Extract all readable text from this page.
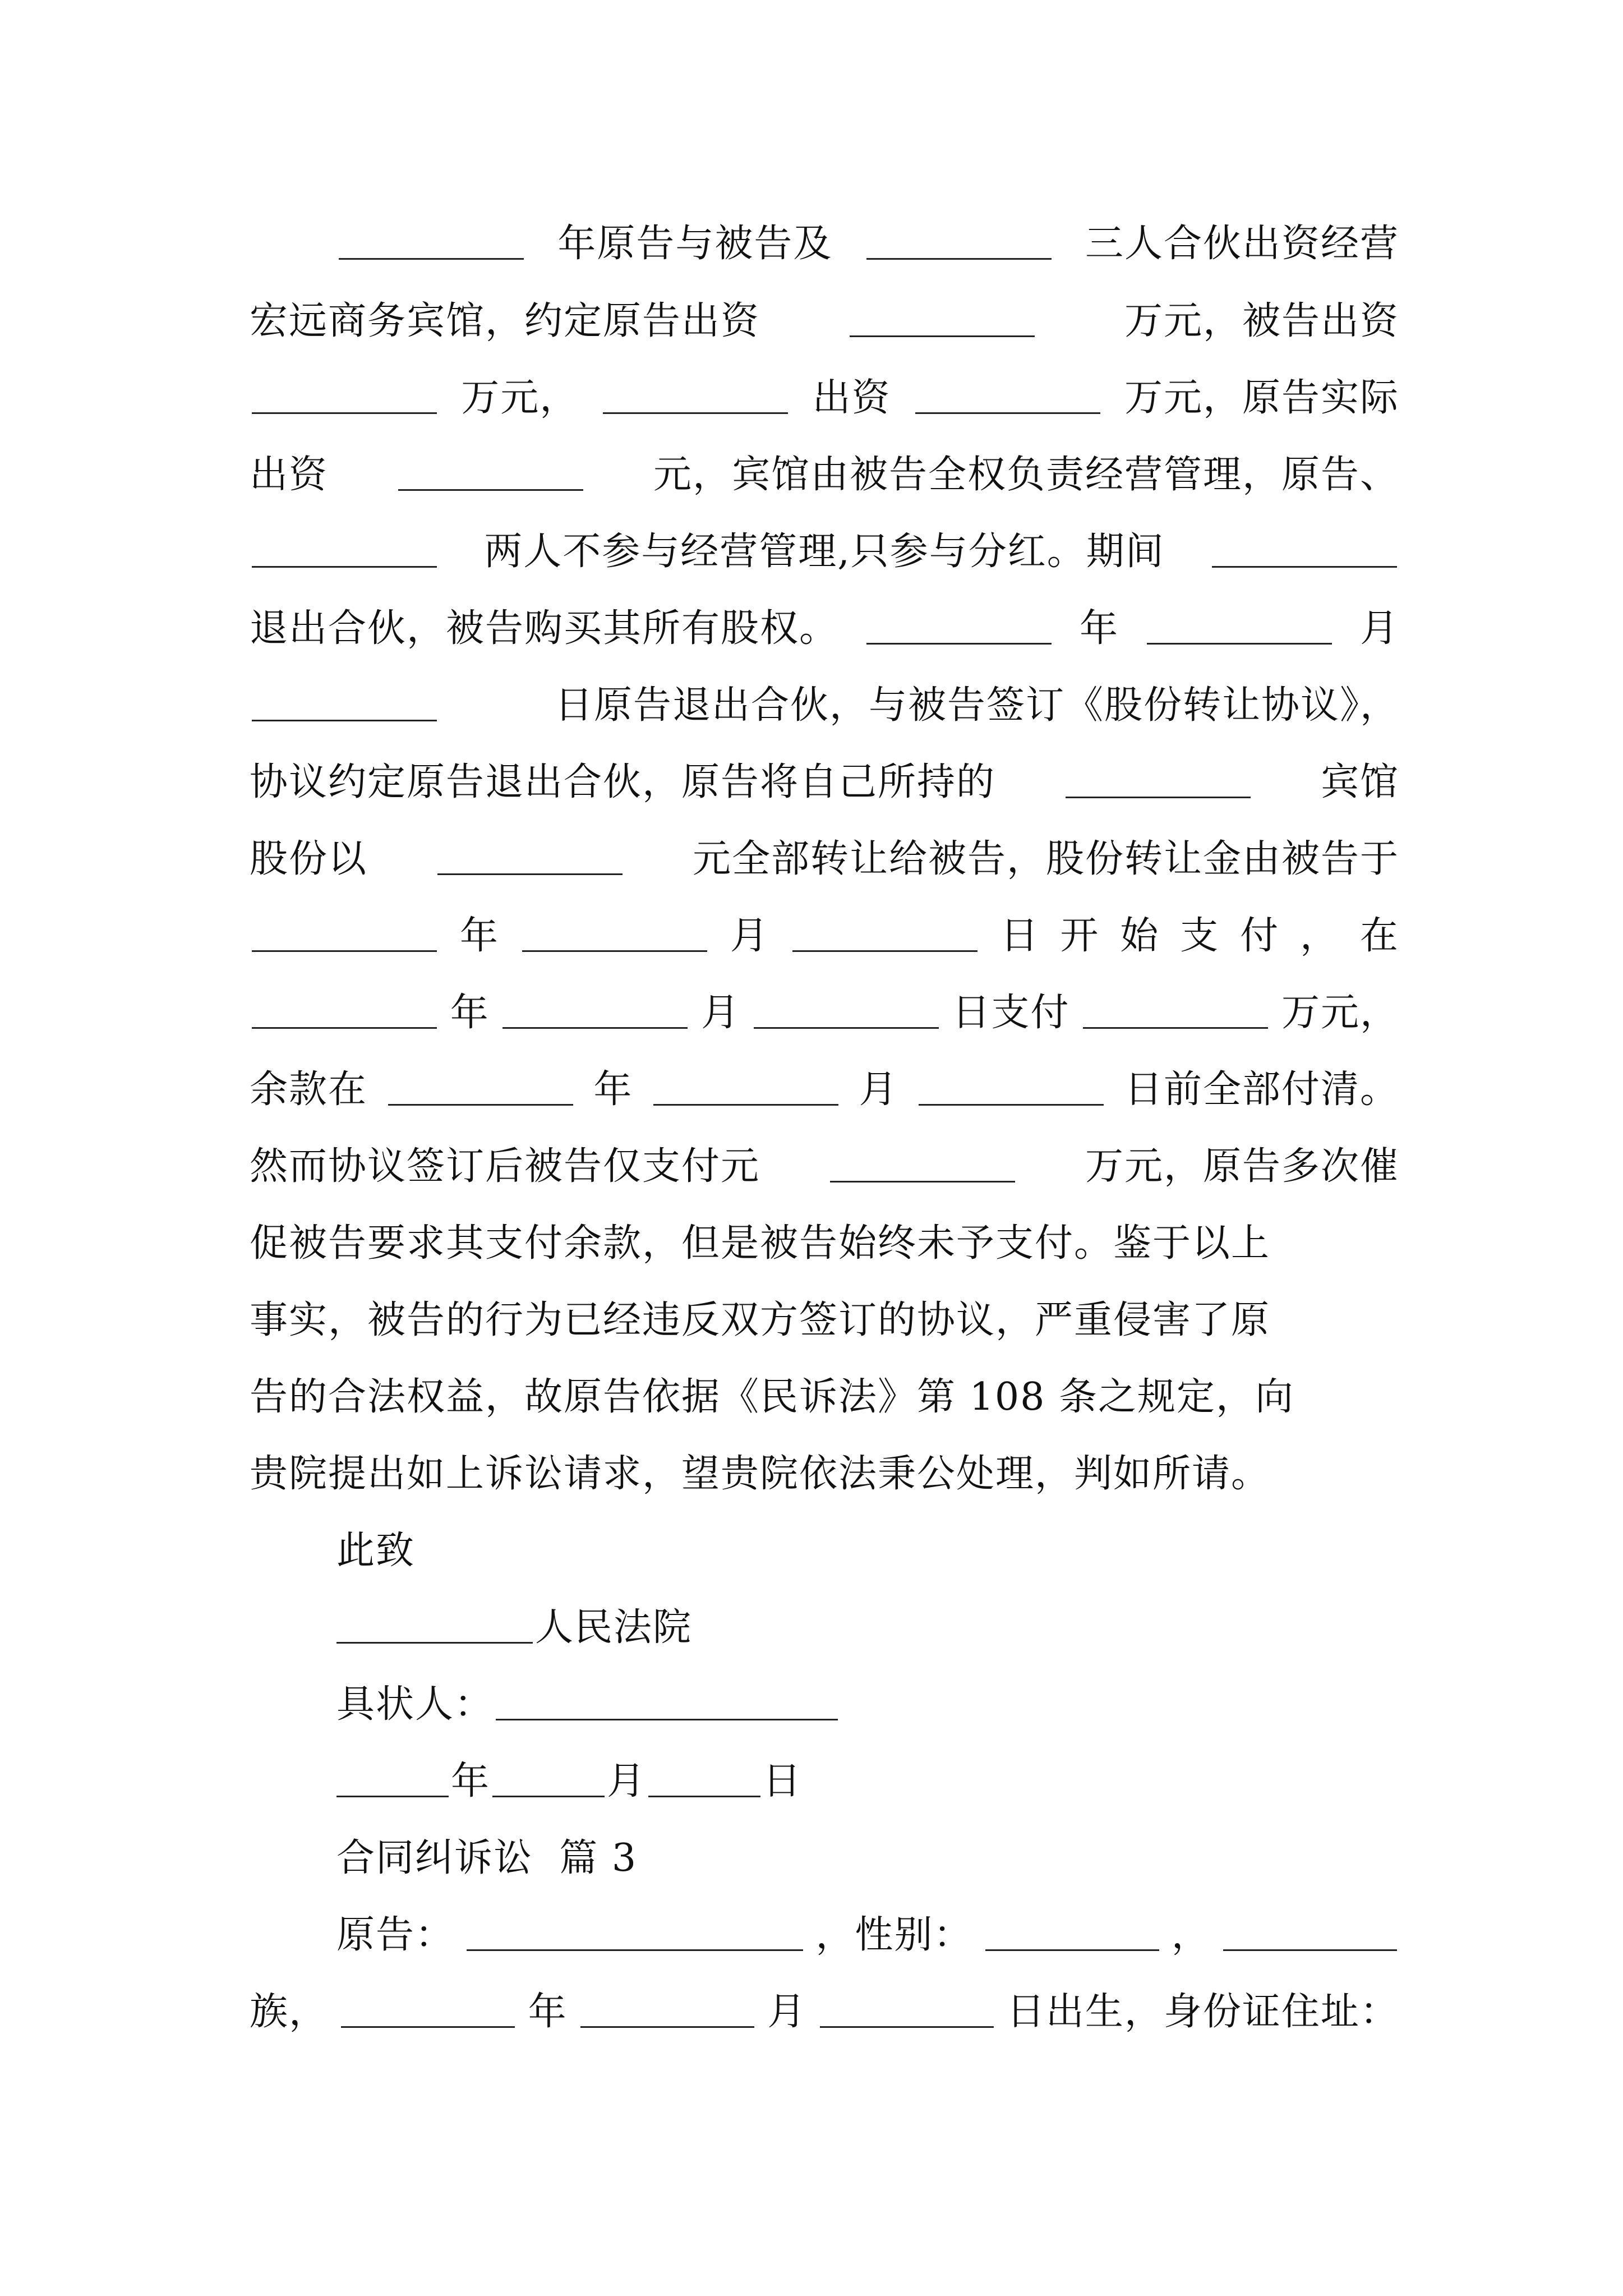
年原告与被告及	三人合伙出资经营
宏远商务宾馆，约定原告出资	万元，被告出资
万元，	出资	万元，原告实际
出资	元，宾馆由被告全权负责经营管理，原告、
两人不参与经营管理,只参与分红。期间
退出合伙，被告购买其所有股权。	年	月
日原告退出合伙，与被告签订《股份转让协议》，
协议约定原告退出合伙，原告将自己所持的	宾馆
股份以	元全部转让给被告，股份转让金由被告于
年	月	日 开 始 支 付 ， 在
年	月	日支付	万元，
余款在	年	月	日前全部付清。
然而协议签订后被告仅支付元	万元，原告多次催
促被告要求其支付余款，但是被告始终未予支付。鉴于以上
事实，被告的行为已经违反双方签订的协议，严重侵害了原
告的合法权益，故原告依据《民诉法》第 108 条之规定，向
贵院提出如上诉讼请求，望贵院依法秉公处理，判如所请。
此致
人民法院
具状人：
年	月	日
合同纠诉讼  篇 3
原告：	，性别：	，
族，	年	月	日出生，身份证住址：
